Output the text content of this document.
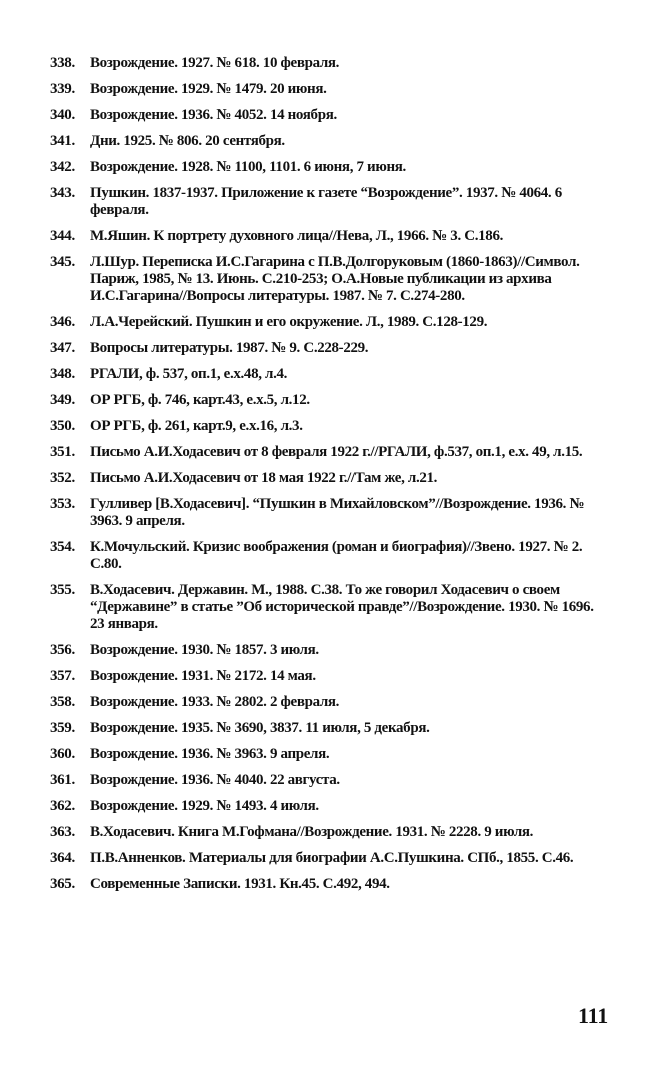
338.	Возрождение. 1927. № 618. 10 февраля.
339.	Возрождение. 1929. № 1479. 20 июня.
340.	Возрождение. 1936. № 4052. 14 ноября.
341.	Дни. 1925. № 806. 20 сентября.
342.	Возрождение. 1928. № 1100, 1101. 6 июня, 7 июня.
343.	Пушкин. 1837-1937. Приложение к газете “Возрождение”. 1937. № 4064. 6 февраля.
344.	М.Яшин. К портрету духовного лица//Нева, Л., 1966. № 3. С.186.
345.	Л.Шур. Переписка И.С.Гагарина с П.В.Долгоруковым (1860-1863)//Символ. Париж, 1985, № 13. Июнь. С.210-253; О.А.Новые публикации из архива И.С.Гагарина//Вопросы литературы. 1987. № 7. С.274-280.
346.	Л.А.Черейский. Пушкин и его окружение. Л., 1989. С.128-129.
347.	Вопросы литературы. 1987. № 9. С.228-229.
348.	РГАЛИ, ф. 537, оп.1, е.х.48, л.4.
349.	ОР РГБ, ф. 746, карт.43, е.х.5, л.12.
350.	ОР РГБ, ф. 261, карт.9, е.х.16, л.3.
351.	Письмо А.И.Ходасевич от 8 февраля 1922 г.//РГАЛИ, ф.537, оп.1, е.х. 49, л.15.
352.	Письмо А.И.Ходасевич от 18 мая 1922 г.//Там же, л.21.
353.	Гулливер [В.Ходасевич]. “Пушкин в Михайловском”//Возрождение. 1936. № 3963. 9 апреля.
354.	К.Мочульский. Кризис воображения (роман и биография)//Звено. 1927. № 2. С.80.
355.	В.Ходасевич. Державин. М., 1988. С.38. То же говорил Ходасевич о своем “Державине” в статье ”Об исторической правде”//Возрождение. 1930. № 1696. 23 января.
356.	Возрождение. 1930. № 1857. 3 июля.
357.	Возрождение. 1931. № 2172. 14 мая.
358.	Возрождение. 1933. № 2802. 2 февраля.
359.	Возрождение. 1935. № 3690, 3837. 11 июля, 5 декабря.
360.	Возрождение. 1936. № 3963. 9 апреля.
361.	Возрождение. 1936. № 4040. 22 августа.
362.	Возрождение. 1929. № 1493. 4 июля.
363.	В.Ходасевич. Книга М.Гофмана//Возрождение. 1931. № 2228. 9 июля.
364.	П.В.Анненков. Материалы для биографии А.С.Пушкина. СПб., 1855. С.46.
365.	Современные Записки. 1931. Кн.45. С.492, 494.
111
